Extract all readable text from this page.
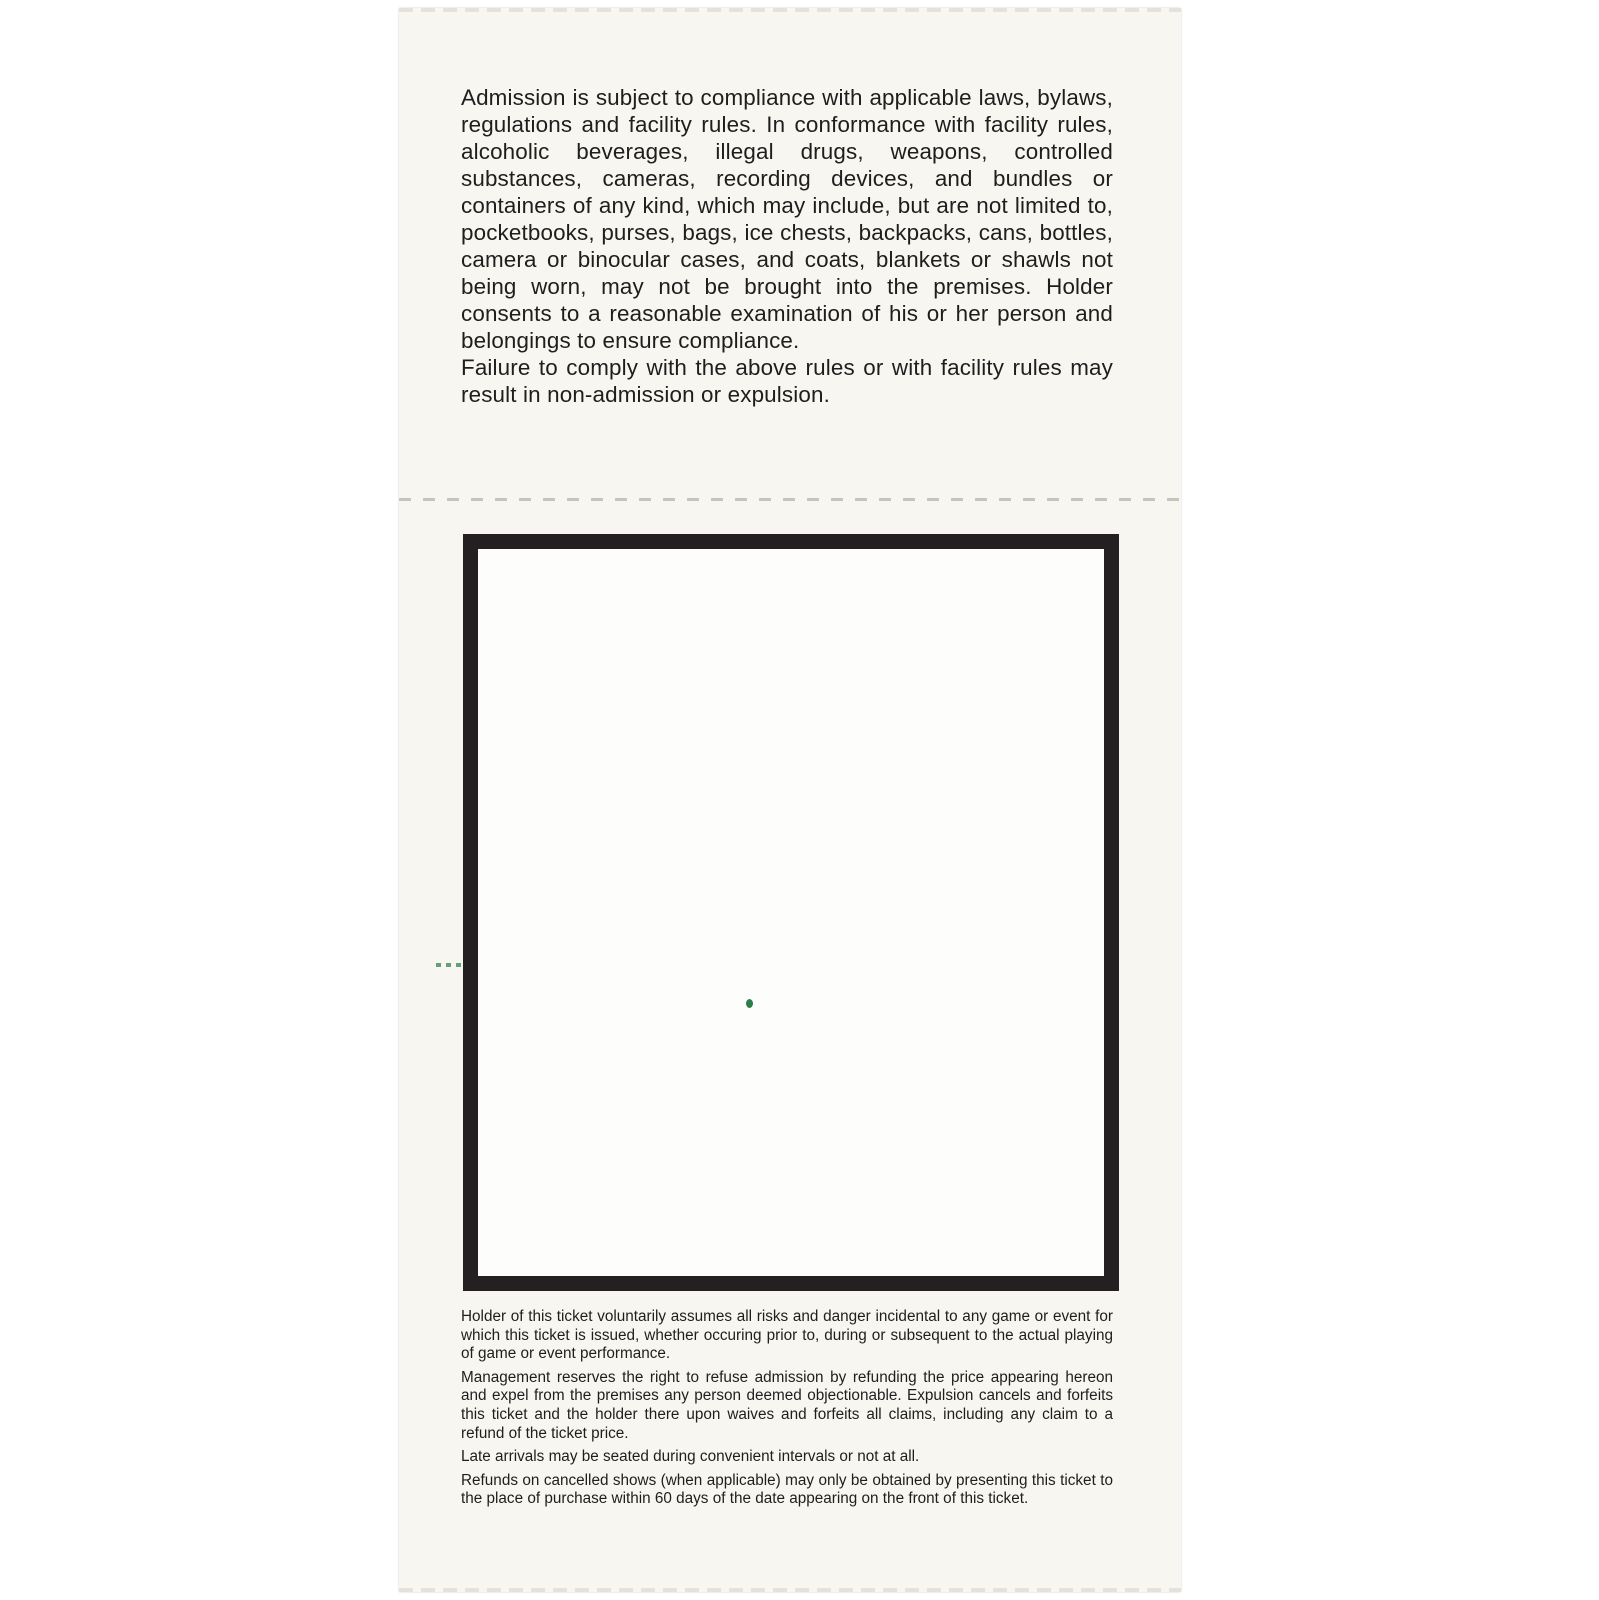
Admission is subject to compliance with applicable laws, bylaws, regulations and facility rules. In conformance with facility rules, alcoholic beverages, illegal drugs, weapons, controlled substances, cameras, recording devices, and bundles or containers of any kind, which may include, but are not limited to, pocketbooks, purses, bags, ice chests, backpacks, cans, bottles, camera or binocular cases, and coats, blankets or shawls not being worn, may not be brought into the premises. Holder consents to a reasonable examination of his or her person and belongings to ensure compliance.

Failure to comply with the above rules or with facility rules may result in non-admission or expulsion.

Holder of this ticket voluntarily assumes all risks and danger incidental to any game or event for which this ticket is issued, whether occuring prior to, during or subsequent to the actual playing of game or event performance.

Management reserves the right to refuse admission by refunding the price appearing hereon and expel from the premises any person deemed objectionable. Expulsion cancels and forfeits this ticket and the holder there upon waives and forfeits all claims, including any claim to a refund of the ticket price.

Late arrivals may be seated during convenient intervals or not at all.

Refunds on cancelled shows (when applicable) may only be obtained by presenting this ticket to the place of purchase within 60 days of the date appearing on the front of this ticket.
